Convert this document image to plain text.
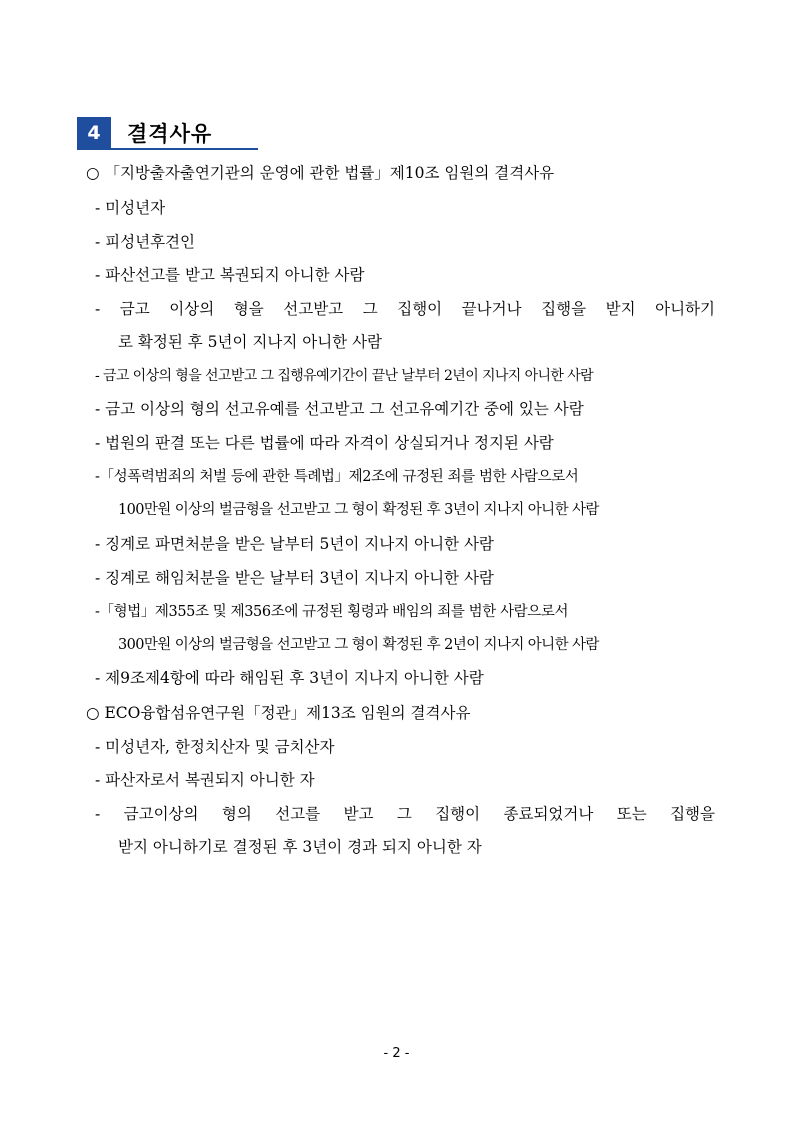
4	결격사유
○ 「지방출자출연기관의 운영에 관한 법률」제10조 임원의 결격사유
- 미성년자
- 피성년후견인
- 파산선고를 받고 복권되지 아니한 사람
- 금고 이상의 형을 선고받고 그 집행이 끝나거나 집행을 받지 아니하기
로 확정된 후 5년이 지나지 아니한 사람
- 금고 이상의 형을 선고받고 그 집행유예기간이 끝난 날부터 2년이 지나지 아니한 사람
- 금고 이상의 형의 선고유예를 선고받고 그 선고유예기간 중에 있는 사람
- 법원의 판결 또는 다른 법률에 따라 자격이 상실되거나 정지된 사람
-「성폭력범죄의 처벌 등에 관한 특례법」제2조에 규정된 죄를 범한 사람으로서
100만원 이상의 벌금형을 선고받고 그 형이 확정된 후 3년이 지나지 아니한 사람
- 징계로 파면처분을 받은 날부터 5년이 지나지 아니한 사람
- 징계로 해임처분을 받은 날부터 3년이 지나지 아니한 사람
-「형법」제355조 및 제356조에 규정된 횡령과 배임의 죄를 범한 사람으로서
300만원 이상의 벌금형을 선고받고 그 형이 확정된 후 2년이 지나지 아니한 사람
- 제9조제4항에 따라 해임된 후 3년이 지나지 아니한 사람
○ ECO융합섬유연구원「정관」제13조 임원의 결격사유
- 미성년자, 한정치산자 및 금치산자
- 파산자로서 복권되지 아니한 자
- 금고이상의 형의 선고를 받고 그 집행이 종료되었거나 또는 집행을
받지 아니하기로 결정된 후 3년이 경과 되지 아니한 자
- 2 -
